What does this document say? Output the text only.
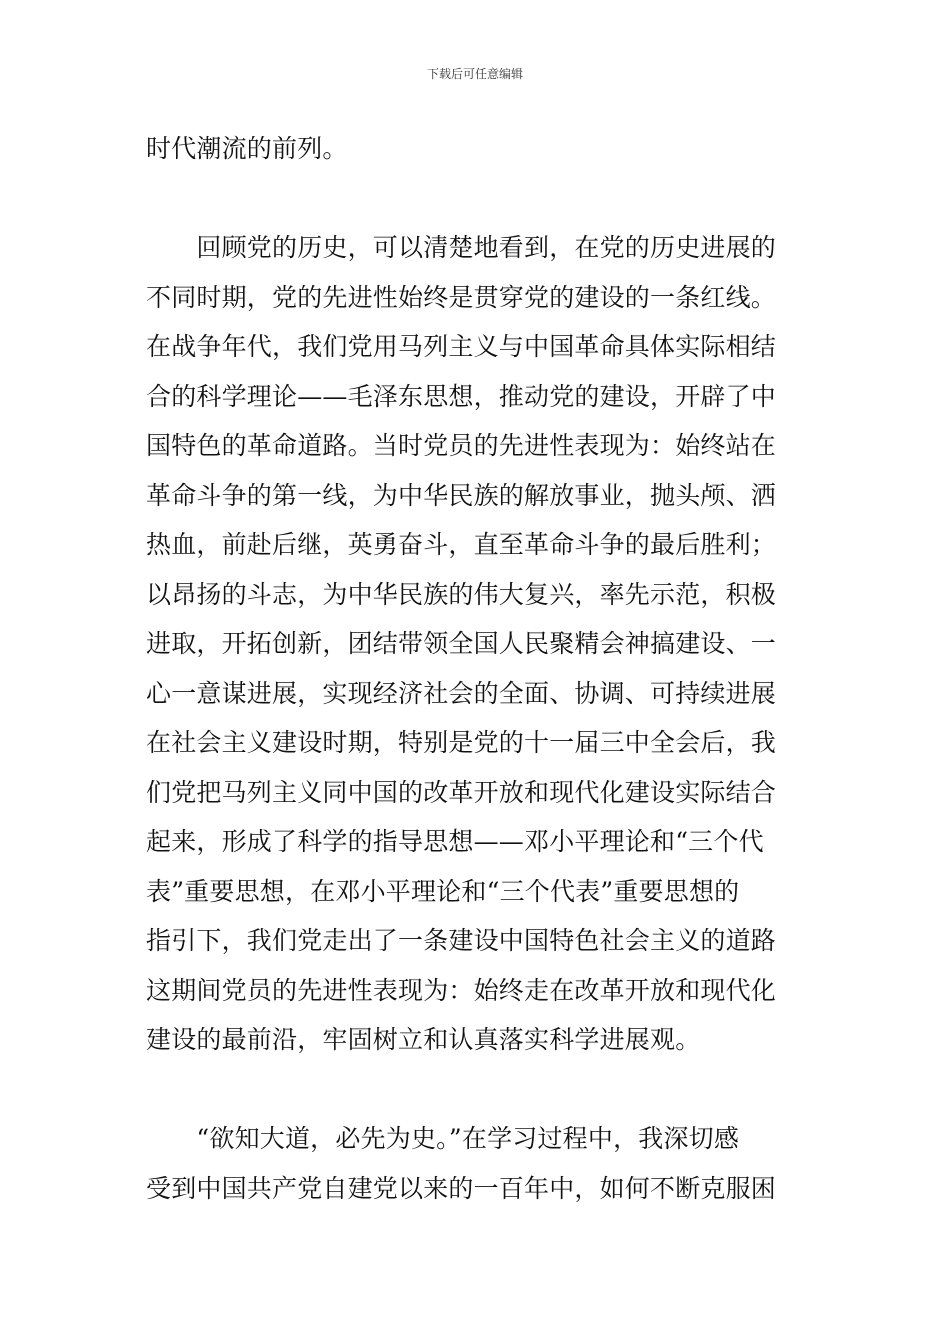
下载后可任意编辑
时代潮流的前列。
　　回顾党的历史，可以清楚地看到，在党的历史进展的
不同时期，党的先进性始终是贯穿党的建设的一条红线。
在战争年代，我们党用马列主义与中国革命具体实际相结
合的科学理论——毛泽东思想，推动党的建设，开辟了中
国特色的革命道路。当时党员的先进性表现为：始终站在
革命斗争的第一线，为中华民族的解放事业，抛头颅、洒
热血，前赴后继，英勇奋斗，直至革命斗争的最后胜利；
以昂扬的斗志，为中华民族的伟大复兴，率先示范，积极
进取，开拓创新，团结带领全国人民聚精会神搞建设、一
心一意谋进展，实现经济社会的全面、协调、可持续进展
在社会主义建设时期，特别是党的十一届三中全会后，我
们党把马列主义同中国的改革开放和现代化建设实际结合
起来，形成了科学的指导思想——邓小平理论和“三个代
表”重要思想，在邓小平理论和“三个代表”重要思想的
指引下，我们党走出了一条建设中国特色社会主义的道路
这期间党员的先进性表现为：始终走在改革开放和现代化
建设的最前沿，牢固树立和认真落实科学进展观。
　　“欲知大道，必先为史。”在学习过程中，我深切感
受到中国共产党自建党以来的一百年中，如何不断克服困
